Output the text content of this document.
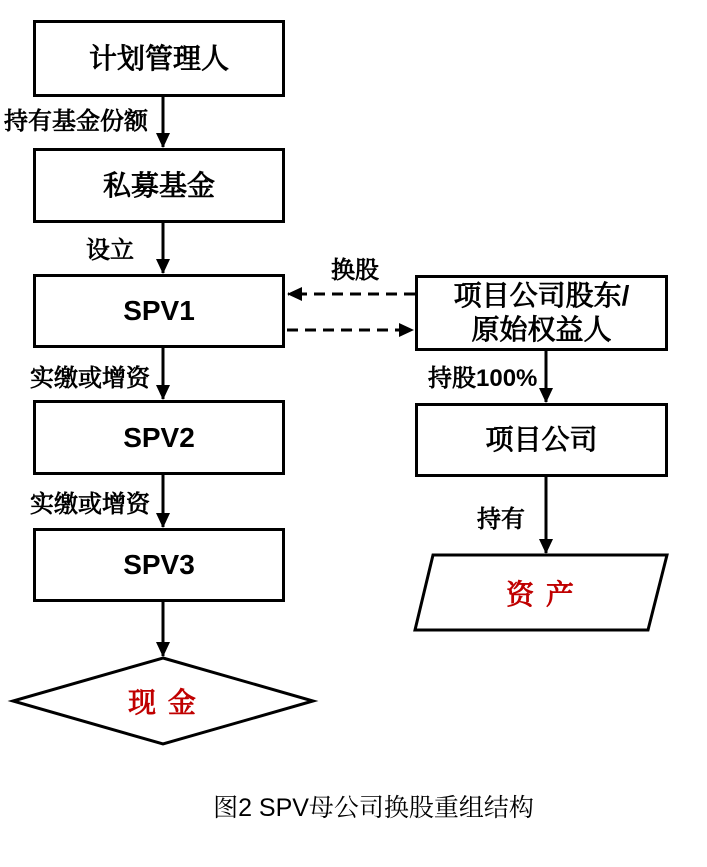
计划管理人
私募基金
SPV1
SPV2
SPV3
项目公司股东/
原始权益人
项目公司
现 金
资 产
持有基金份额
设立
实缴或增资
实缴或增资
换股
持股100%
持有
图2 SPV母公司换股重组结构
